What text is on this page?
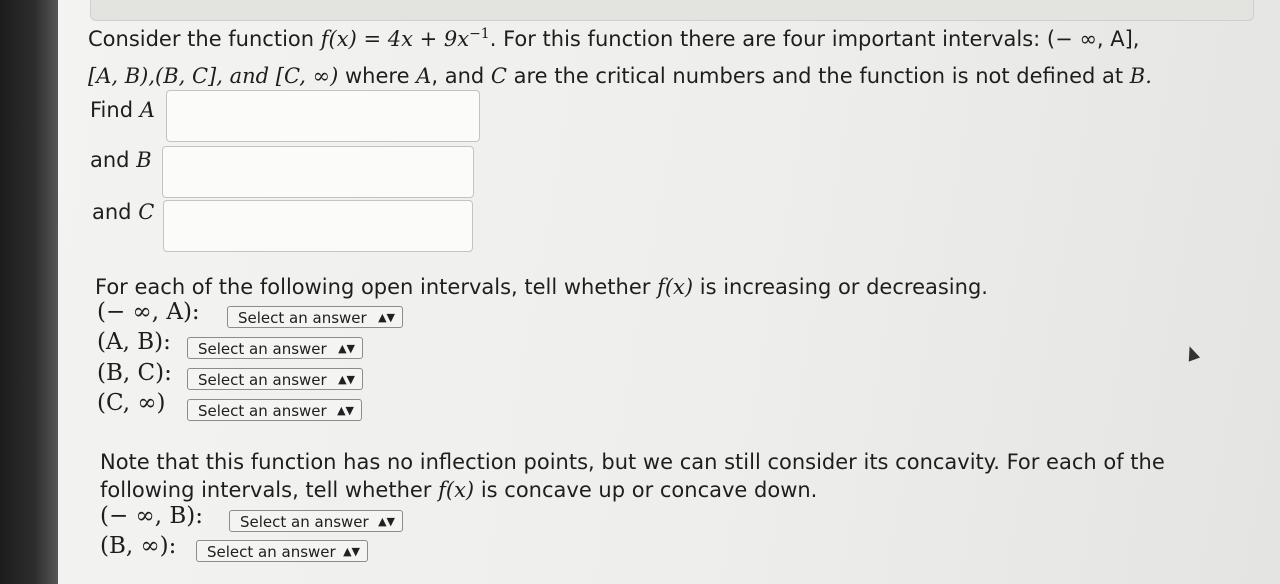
Consider the function $f(x) = 4x + 9x^{-1}$. For this function there are four important intervals: (− ∞, A],
[A, B),(B, C], and [C, ∞) where A, and C are the critical numbers and the function is not defined at B.
Find A
and B
and C
For each of the following open intervals, tell whether f(x) is increasing or decreasing.
(− ∞, A):	Select an answer ▲▼
(A, B):	Select an answer ▲▼
(B, C):	Select an answer ▲▼
(C, ∞)	Select an answer ▲▼
Note that this function has no inflection points, but we can still consider its concavity. For each of the
following intervals, tell whether f(x) is concave up or concave down.
(− ∞, B):	Select an answer ▲▼
(B, ∞):	Select an answer ▲▼
